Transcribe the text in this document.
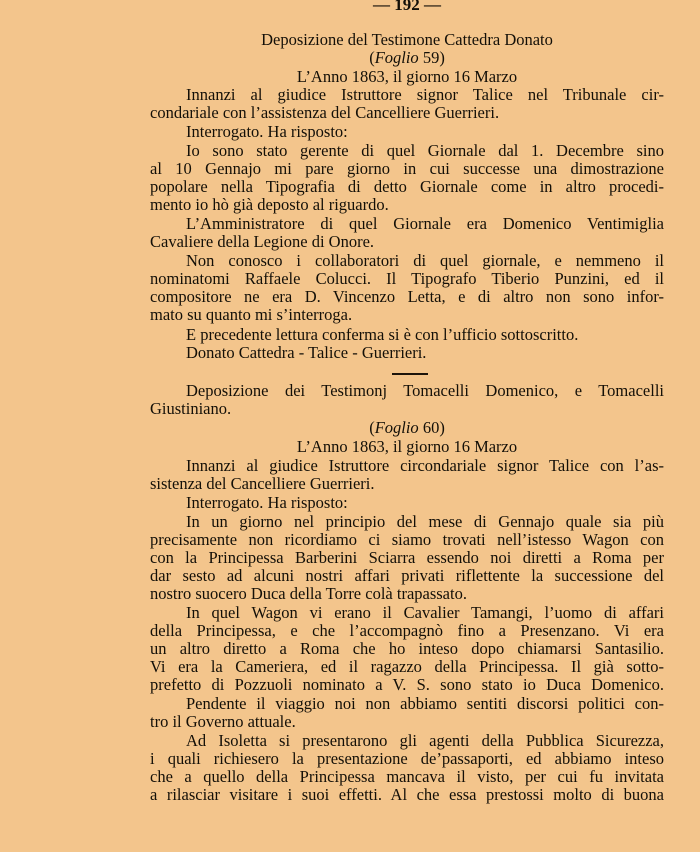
— 192 —
Deposizione del Testimone Cattedra Donato
(Foglio 59)
L’Anno 1863, il giorno 16 Marzo
Innanzi al giudice Istruttore signor Talice nel Tribunale cir-
condariale con l’assistenza del Cancelliere Guerrieri.
Interrogato. Ha risposto:
Io sono stato gerente di quel Giornale dal 1. Decembre sino
al 10 Gennajo mi pare giorno in cui successe una dimostrazione
popolare nella Tipografia di detto Giornale come in altro procedi-
mento io hò già deposto al riguardo.
L’Amministratore di quel Giornale era Domenico Ventimiglia
Cavaliere della Legione di Onore.
Non conosco i collaboratori di quel giornale, e nemmeno il
nominatomi Raffaele Colucci. Il Tipografo Tiberio Punzini, ed il
compositore ne era D. Vincenzo Letta, e di altro non sono infor-
mato su quanto mi s’interroga.
E precedente lettura conferma si è con l’ufficio sottoscritto.
Donato Cattedra - Talice - Guerrieri.
Deposizione dei Testimonj Tomacelli Domenico, e Tomacelli
Giustiniano.
(Foglio 60)
L’Anno 1863, il giorno 16 Marzo
Innanzi al giudice Istruttore circondariale signor Talice con l’as-
sistenza del Cancelliere Guerrieri.
Interrogato. Ha risposto:
In un giorno nel principio del mese di Gennajo quale sia più
precisamente non ricordiamo ci siamo trovati nell’istesso Wagon con
con la Principessa Barberini Sciarra essendo noi diretti a Roma per
dar sesto ad alcuni nostri affari privati riflettente la successione del
nostro suocero Duca della Torre colà trapassato.
In quel Wagon vi erano il Cavalier Tamangi, l’uomo di affari
della Principessa, e che l’accompagnò fino a Presenzano. Vi era
un altro diretto a Roma che ho inteso dopo chiamarsi Santasilio.
Vi era la Cameriera, ed il ragazzo della Principessa. Il già sotto-
prefetto di Pozzuoli nominato a V. S. sono stato io Duca Domenico.
Pendente il viaggio noi non abbiamo sentiti discorsi politici con-
tro il Governo attuale.
Ad Isoletta si presentarono gli agenti della Pubblica Sicurezza,
i quali richiesero la presentazione de’passaporti, ed abbiamo inteso
che a quello della Principessa mancava il visto, per cui fu invitata
a rilasciar visitare i suoi effetti. Al che essa prestossi molto di buona
